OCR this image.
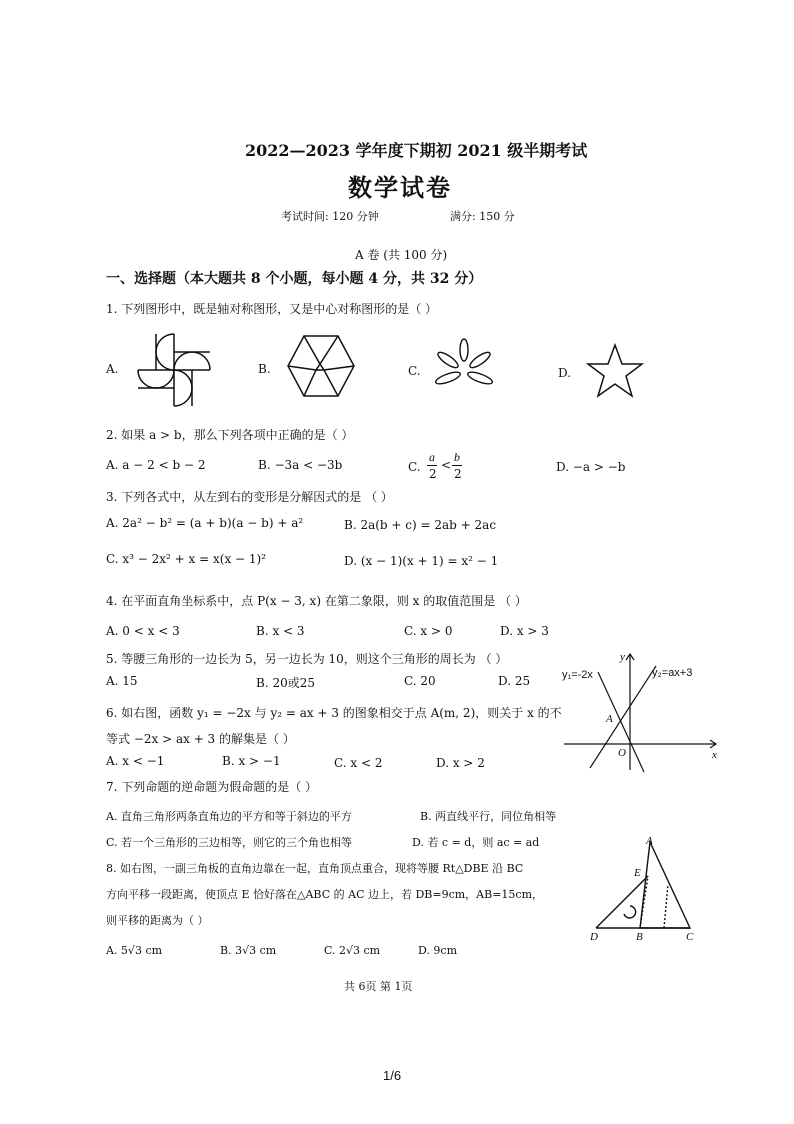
2022—2023 学年度下期初 2021 级半期考试
数学试卷
考试时间: 120 分钟	满分: 150 分
A 卷 (共 100 分)
一、选择题（本大题共 8 个小题，每小题 4 分，共 32 分）
1. 下列图形中，既是轴对称图形，又是中心对称图形的是（ ）
A.	B.	C.	D.
2. 如果 a > b，那么下列各项中正确的是（ ）
A. a − 2 < b − 2	B. −3a < −3b	C.
a
2
<
b
2	D. −a > −b
3. 下列各式中，从左到右的变形是分解因式的是 （ ）
A. 2a² − b² = (a + b)(a − b) + a²	B. 2a(b + c) = 2ab + 2ac
C. x³ − 2x² + x = x(x − 1)²	D. (x − 1)(x + 1) = x² − 1
4. 在平面直角坐标系中，点 P(x − 3, x) 在第二象限，则 x 的取值范围是 （ ）
A. 0 < x < 3	B. x < 3	C. x > 0	D. x > 3
5. 等腰三角形的一边长为 5，另一边长为 10，则这个三角形的周长为 （ ）
A. 15	B. 20或25	C. 20	D. 25
6. 如右图，函数 y₁ = −2x 与 y₂ = ax + 3 的图象相交于点 A(m, 2)，则关于 x 的不
等式 −2x > ax + 3 的解集是（ ）
A. x < −1	B. x > −1	C. x < 2	D. x > 2
y₁=-2x	y₂=ax+3
A
O	x
y
7. 下列命题的逆命题为假命题的是（ ）
A. 直角三角形两条直角边的平方和等于斜边的平方	B. 两直线平行，同位角相等
C. 若一个三角形的三边相等，则它的三个角也相等	D. 若 c = d，则 ac = ad
8. 如右图，一副三角板的直角边靠在一起，直角顶点重合，现将等腰 Rt△DBE 沿 BC
方向平移一段距离，使顶点 E 恰好落在△ABC 的 AC 边上，若 DB=9cm，AB=15cm，
则平移的距离为（ ）
A. 5√3 cm	B. 3√3 cm	C. 2√3 cm	D. 9cm
A
E
D	B	C
共 6页 第 1页
1/6
